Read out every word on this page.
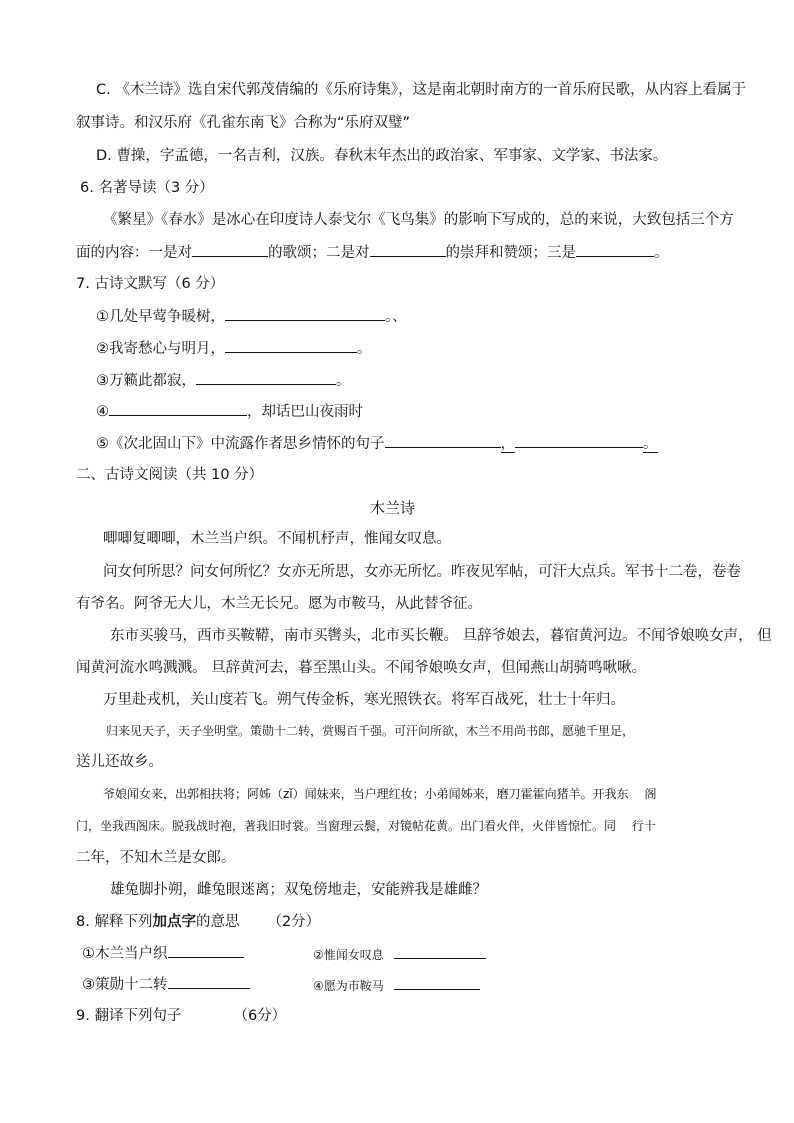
C. 《木兰诗》选自宋代郭茂倩编的《乐府诗集》，这是南北朝时南方的一首乐府民歌，从内容上看属于
叙事诗。和汉乐府《孔雀东南飞》合称为“乐府双璧”
D. 曹操，字孟德，一名吉利，汉族。春秋末年杰出的政治家、军事家、文学家、书法家。
6. 名著导读（3 分）
《繁星》《春水》是冰心在印度诗人泰戈尔《飞鸟集》的影响下写成的，总的来说，大致包括三个方
面的内容：一是对	的歌颂；二是对	的崇拜和赞颂；三是	。
7. 古诗文默写（6 分）
①几处早莺争暖树，	。、
②我寄愁心与明月，	。
③万籁此都寂，	。
④	，却话巴山夜雨时
⑤《次北固山下》中流露作者思乡情怀的句子	，	。
二、古诗文阅读（共 10 分）
木兰诗
唧唧复唧唧，木兰当户织。不闻机杼声，惟闻女叹息。
问女何所思？问女何所忆？女亦无所思，女亦无所忆。昨夜见军帖，可汗大点兵。军书十二卷，卷卷
有爷名。阿爷无大儿，木兰无长兄。愿为市鞍马，从此替爷征。
东市买骏马，西市买鞍鞯，南市买辔头，北市买长鞭。 旦辞爷娘去，暮宿黄河边。不闻爷娘唤女声， 但
闻黄河流水鸣溅溅。 旦辞黄河去，暮至黑山头。不闻爷娘唤女声，但闻燕山胡骑鸣啾啾。
万里赴戎机，关山度若飞。朔气传金柝，寒光照铁衣。将军百战死，壮士十年归。
归来见天子，天子坐明堂。策勋十二转，赏赐百千强。可汗问所欲，木兰不用尚书郎，愿驰千里足，
送儿还故乡。
爷娘闻女来，出郭相扶将；阿姊（zǐ）闻妹来，当户理红妆；小弟闻姊来，磨刀霍霍向猪羊。开我东　 阁
门，坐我西阁床。脱我战时袍，著我旧时裳。当窗理云鬓，对镜帖花黄。出门看火伴，火伴皆惊忙。同　 行十
二年，不知木兰是女郎。
雄兔脚扑朔，雌兔眼迷离；双兔傍地走，安能辨我是雄雌？
8. 解释下列加点字的意思 （2分）
①木兰当户织	②惟闻女叹息
③策勋十二转	④愿为市鞍马
9. 翻译下列句子	（6分）
